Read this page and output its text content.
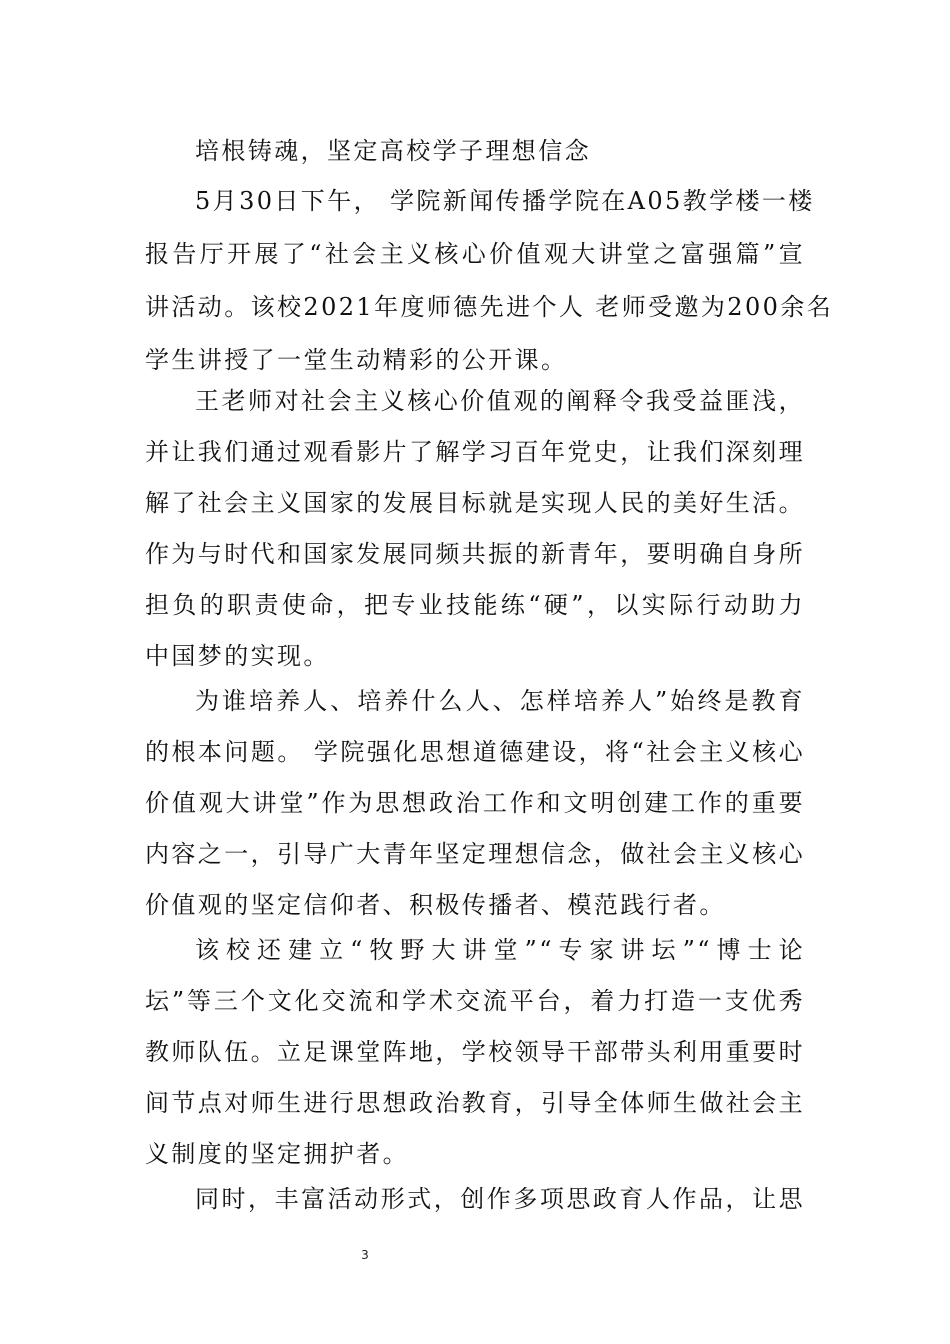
培根铸魂，坚定高校学子理想信念
5月30日下午， 学院新闻传播学院在A05教学楼一楼
报告厅开展了“社会主义核心价值观大讲堂之富强篇”宣
讲活动。该校2021年度师德先进个人 老师受邀为200余名
学生讲授了一堂生动精彩的公开课。
王老师对社会主义核心价值观的阐释令我受益匪浅，
并让我们通过观看影片了解学习百年党史，让我们深刻理
解了社会主义国家的发展目标就是实现人民的美好生活。
作为与时代和国家发展同频共振的新青年，要明确自身所
担负的职责使命，把专业技能练“硬”，以实际行动助力
中国梦的实现。
为谁培养人、培养什么人、怎样培养人”始终是教育
的根本问题。 学院强化思想道德建设，将“社会主义核心
价值观大讲堂”作为思想政治工作和文明创建工作的重要
内容之一，引导广大青年坚定理想信念，做社会主义核心
价值观的坚定信仰者、积极传播者、模范践行者。
该校还建立“牧野大讲堂”“专家讲坛”“博士论
坛”等三个文化交流和学术交流平台，着力打造一支优秀
教师队伍。立足课堂阵地，学校领导干部带头利用重要时
间节点对师生进行思想政治教育，引导全体师生做社会主
义制度的坚定拥护者。
同时，丰富活动形式，创作多项思政育人作品，让思
3
